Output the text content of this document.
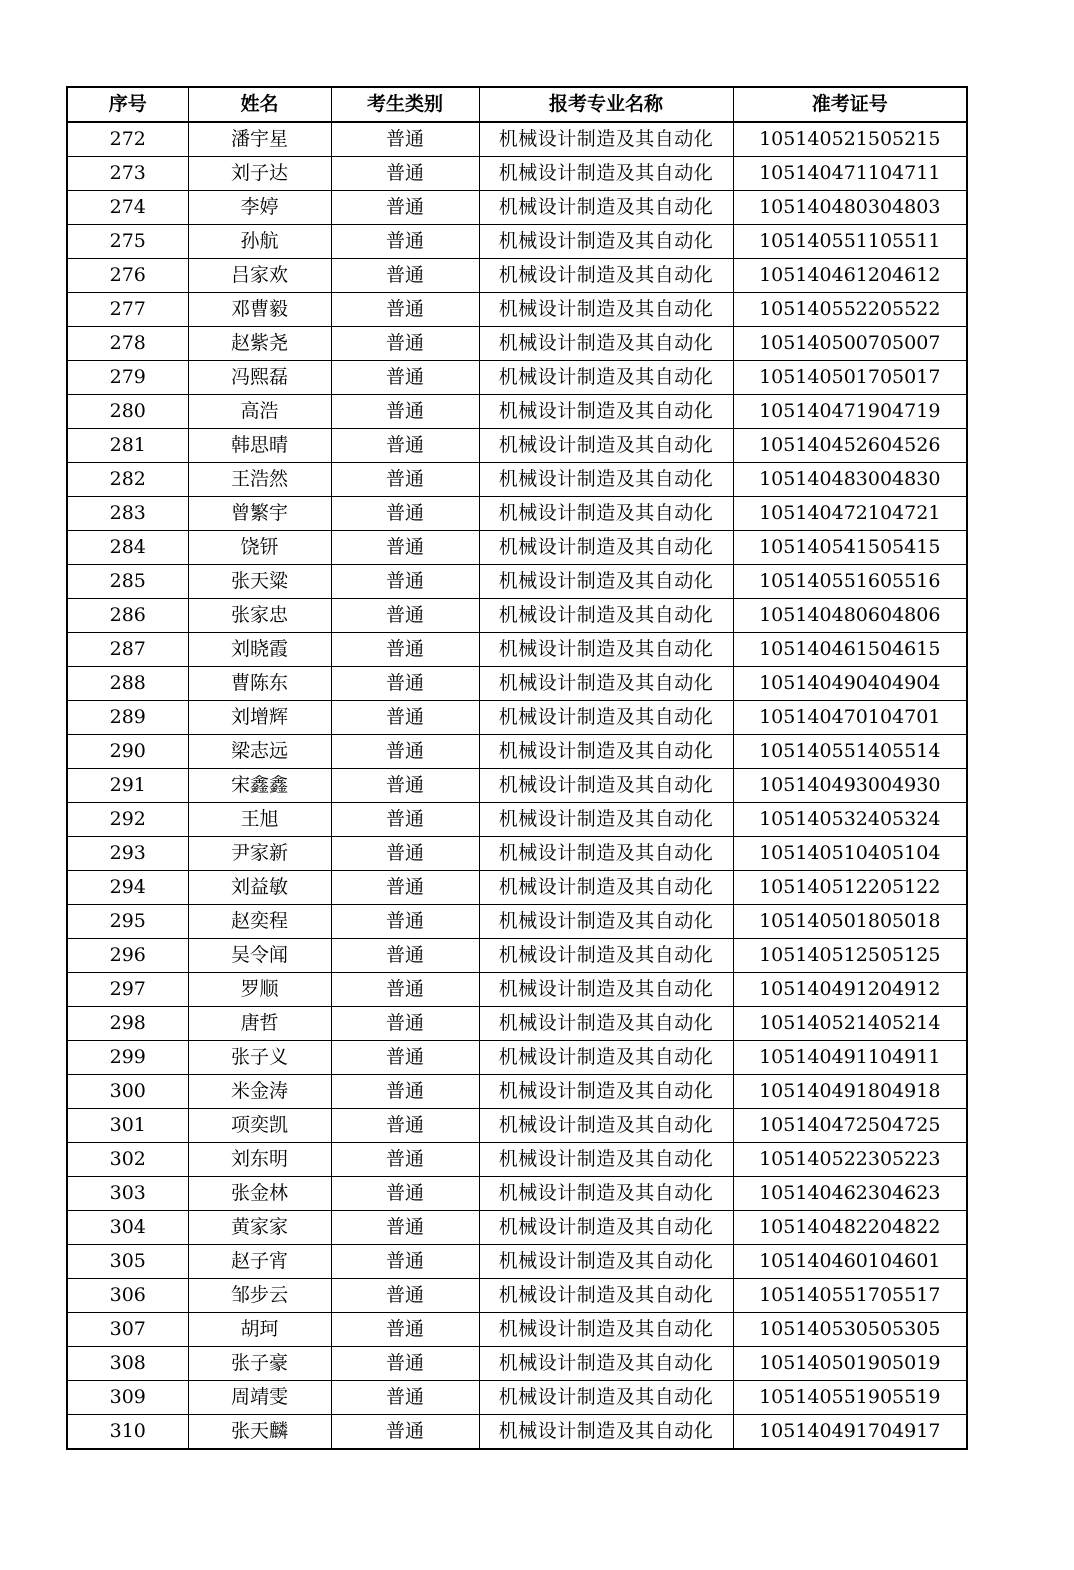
序号	姓名	考生类别	报考专业名称	准考证号
272	潘宇星	普通	机械设计制造及其自动化	105140521505215
273	刘子达	普通	机械设计制造及其自动化	105140471104711
274	李婷	普通	机械设计制造及其自动化	105140480304803
275	孙航	普通	机械设计制造及其自动化	105140551105511
276	吕家欢	普通	机械设计制造及其自动化	105140461204612
277	邓曹毅	普通	机械设计制造及其自动化	105140552205522
278	赵紫尧	普通	机械设计制造及其自动化	105140500705007
279	冯熙磊	普通	机械设计制造及其自动化	105140501705017
280	高浩	普通	机械设计制造及其自动化	105140471904719
281	韩思晴	普通	机械设计制造及其自动化	105140452604526
282	王浩然	普通	机械设计制造及其自动化	105140483004830
283	曾繁宇	普通	机械设计制造及其自动化	105140472104721
284	饶钘	普通	机械设计制造及其自动化	105140541505415
285	张天粱	普通	机械设计制造及其自动化	105140551605516
286	张家忠	普通	机械设计制造及其自动化	105140480604806
287	刘晓霞	普通	机械设计制造及其自动化	105140461504615
288	曹陈东	普通	机械设计制造及其自动化	105140490404904
289	刘增辉	普通	机械设计制造及其自动化	105140470104701
290	梁志远	普通	机械设计制造及其自动化	105140551405514
291	宋鑫鑫	普通	机械设计制造及其自动化	105140493004930
292	王旭	普通	机械设计制造及其自动化	105140532405324
293	尹家新	普通	机械设计制造及其自动化	105140510405104
294	刘益敏	普通	机械设计制造及其自动化	105140512205122
295	赵奕程	普通	机械设计制造及其自动化	105140501805018
296	吴令闻	普通	机械设计制造及其自动化	105140512505125
297	罗顺	普通	机械设计制造及其自动化	105140491204912
298	唐哲	普通	机械设计制造及其自动化	105140521405214
299	张子义	普通	机械设计制造及其自动化	105140491104911
300	米金涛	普通	机械设计制造及其自动化	105140491804918
301	项奕凯	普通	机械设计制造及其自动化	105140472504725
302	刘东明	普通	机械设计制造及其自动化	105140522305223
303	张金林	普通	机械设计制造及其自动化	105140462304623
304	黄家家	普通	机械设计制造及其自动化	105140482204822
305	赵子宵	普通	机械设计制造及其自动化	105140460104601
306	邹步云	普通	机械设计制造及其自动化	105140551705517
307	胡珂	普通	机械设计制造及其自动化	105140530505305
308	张子豪	普通	机械设计制造及其自动化	105140501905019
309	周靖雯	普通	机械设计制造及其自动化	105140551905519
310	张天麟	普通	机械设计制造及其自动化	105140491704917
